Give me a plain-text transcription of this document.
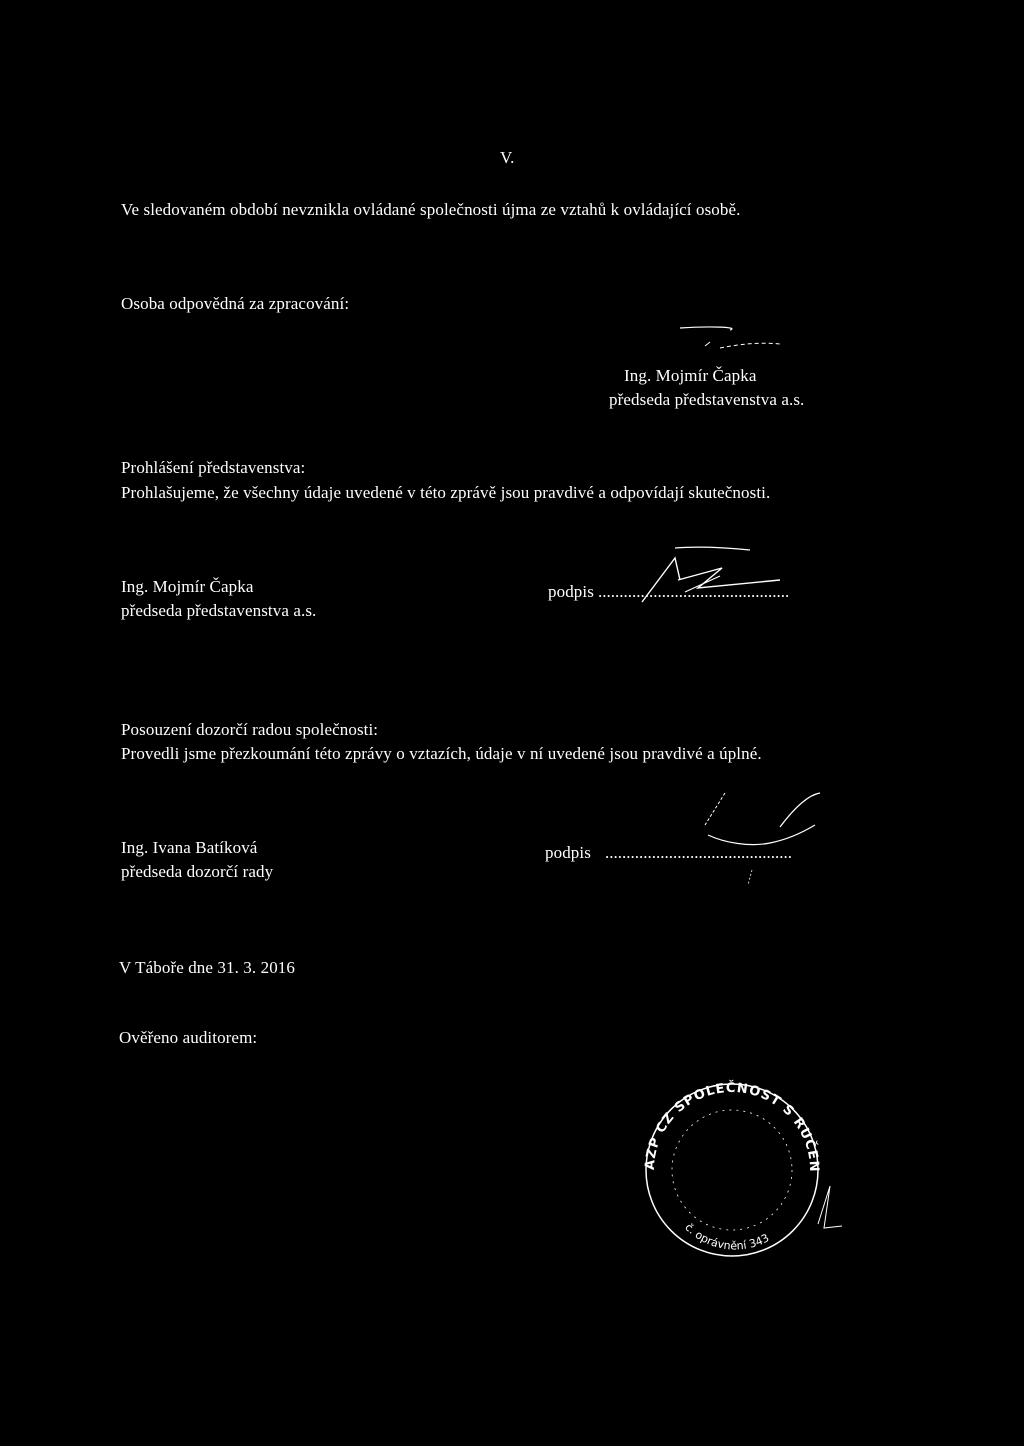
V.
Ve sledovaném období nevznikla ovládané společnosti újma ze vztahů k ovládající osobě.
Osoba odpovědná za zpracování:
Ing. Mojmír Čapka
předseda představenstva a.s.
Prohlášení představenstva:
Prohlašujeme, že všechny údaje uvedené v této zprávě jsou pravdivé a odpovídají skutečnosti.
Ing. Mojmír Čapka
předseda představenstva a.s.
podpis .............................................
Posouzení dozorčí radou společnosti:
Provedli jsme přezkoumání této zprávy o vztazích, údaje v ní uvedené jsou pravdivé a úplné.
Ing. Ivana Batíková
předseda dozorčí rady
podpis ............................................
V Táboře dne 31. 3. 2016
Ověřeno auditorem:
AZP CZ SPOLEČNOST S RUČENÍM OMEZENÝM
č. oprávnění 343
